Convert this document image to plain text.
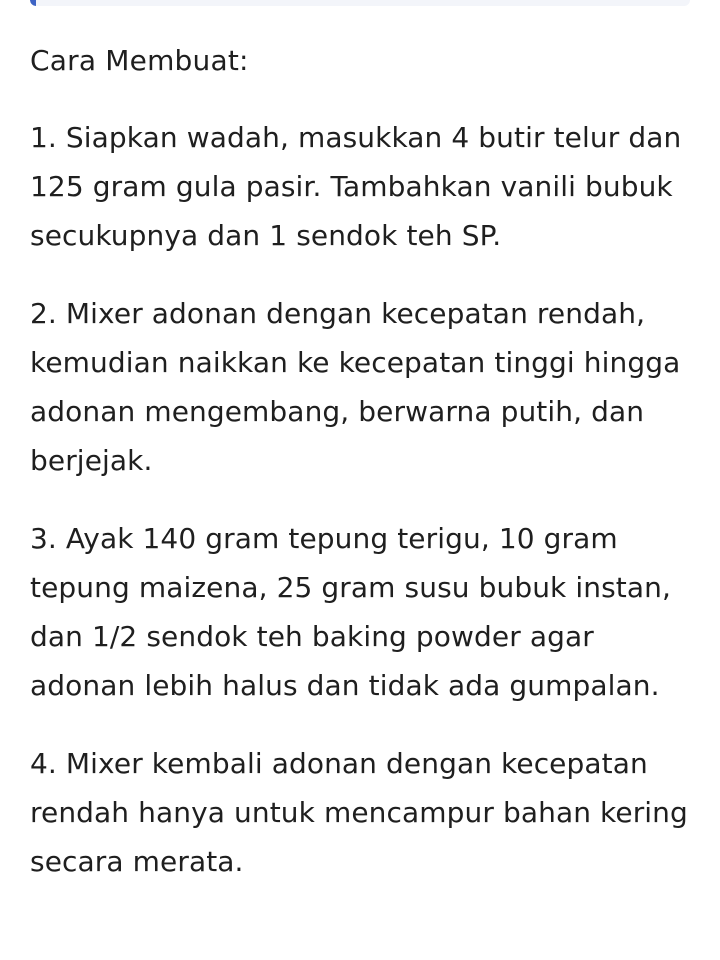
Cara Membuat:

1. Siapkan wadah, masukkan 4 butir telur dan 125 gram gula pasir. Tambahkan vanili bubuk secukupnya dan 1 sendok teh SP.

2. Mixer adonan dengan kecepatan rendah, kemudian naikkan ke kecepatan tinggi hingga adonan mengembang, berwarna putih, dan berjejak.

3. Ayak 140 gram tepung terigu, 10 gram tepung maizena, 25 gram susu bubuk instan, dan 1/2 sendok teh baking powder agar adonan lebih halus dan tidak ada gumpalan.

4. Mixer kembali adonan dengan kecepatan rendah hanya untuk mencampur bahan kering secara merata.
